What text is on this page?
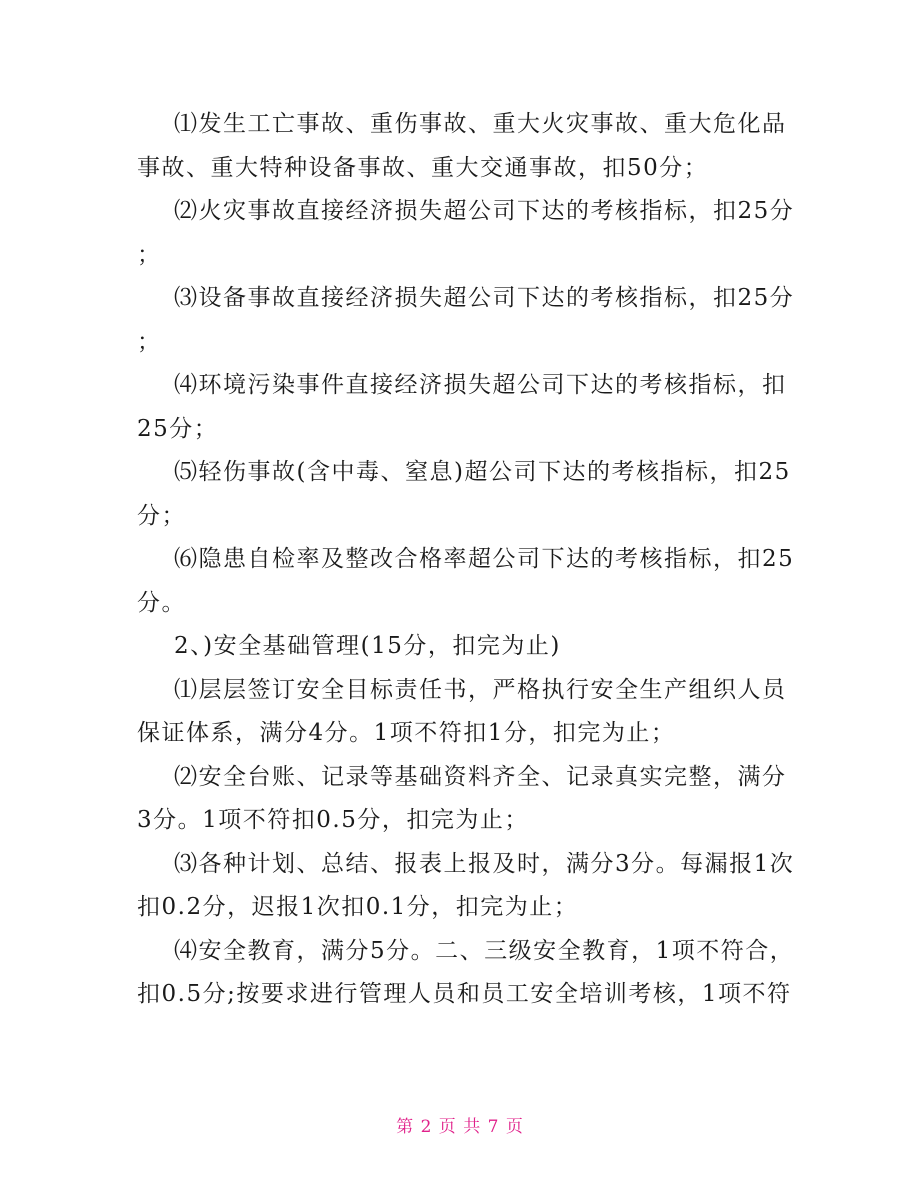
⑴发生工亡事故、重伤事故、重大火灾事故、重大危化品
事故、重大特种设备事故、重大交通事故，扣50分；
⑵火灾事故直接经济损失超公司下达的考核指标，扣25分
；
⑶设备事故直接经济损失超公司下达的考核指标，扣25分
；
⑷环境污染事件直接经济损失超公司下达的考核指标，扣
25分；
⑸轻伤事故(含中毒、窒息)超公司下达的考核指标，扣25
分；
⑹隐患自检率及整改合格率超公司下达的考核指标，扣25
分。
2、)安全基础管理(15分，扣完为止)
⑴层层签订安全目标责任书，严格执行安全生产组织人员
保证体系，满分4分。1项不符扣1分，扣完为止；
⑵安全台账、记录等基础资料齐全、记录真实完整，满分
3分。1项不符扣0.5分，扣完为止；
⑶各种计划、总结、报表上报及时，满分3分。每漏报1次
扣0.2分，迟报1次扣0.1分，扣完为止；
⑷安全教育，满分5分。二、三级安全教育，1项不符合，
扣0.5分;按要求进行管理人员和员工安全培训考核，1项不符
第 2 页 共 7 页
